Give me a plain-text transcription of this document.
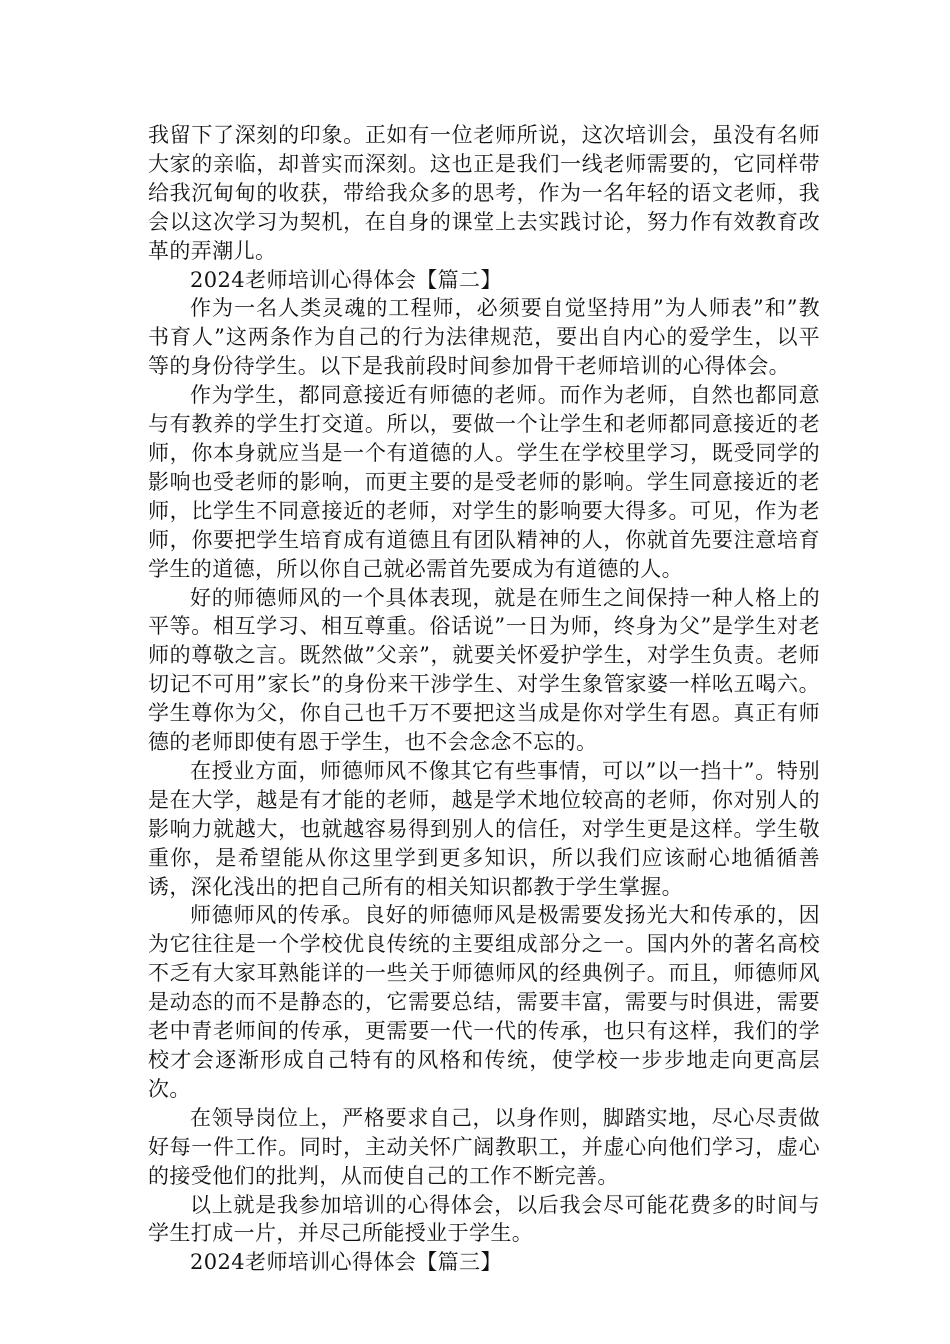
我留下了深刻的印象。正如有一位老师所说，这次培训会，虽没有名师大家的亲临，却普实而深刻。这也正是我们一线老师需要的，它同样带给我沉甸甸的收获，带给我众多的思考，作为一名年轻的语文老师，我会以这次学习为契机，在自身的课堂上去实践讨论，努力作有效教育改革的弄潮儿。

2024老师培训心得体会【篇二】

作为一名人类灵魂的工程师，必须要自觉坚持用”为人师表”和”教书育人”这两条作为自己的行为法律规范，要出自内心的爱学生，以平等的身份待学生。以下是我前段时间参加骨干老师培训的心得体会。

作为学生，都同意接近有师德的老师。而作为老师，自然也都同意与有教养的学生打交道。所以，要做一个让学生和老师都同意接近的老师，你本身就应当是一个有道德的人。学生在学校里学习，既受同学的影响也受老师的影响，而更主要的是受老师的影响。学生同意接近的老师，比学生不同意接近的老师，对学生的影响要大得多。可见，作为老师，你要把学生培育成有道德且有团队精神的人，你就首先要注意培育学生的道德，所以你自己就必需首先要成为有道德的人。

好的师德师风的一个具体表现，就是在师生之间保持一种人格上的平等。相互学习、相互尊重。俗话说”一日为师，终身为父”是学生对老师的尊敬之言。既然做”父亲”，就要关怀爱护学生，对学生负责。老师切记不可用”家长”的身份来干涉学生、对学生象管家婆一样吆五喝六。学生尊你为父，你自己也千万不要把这当成是你对学生有恩。真正有师德的老师即使有恩于学生，也不会念念不忘的。

在授业方面，师德师风不像其它有些事情，可以”以一挡十”。特别是在大学，越是有才能的老师，越是学术地位较高的老师，你对别人的影响力就越大，也就越容易得到别人的信任，对学生更是这样。学生敬重你，是希望能从你这里学到更多知识，所以我们应该耐心地循循善诱，深化浅出的把自己所有的相关知识都教于学生掌握。

师德师风的传承。良好的师德师风是极需要发扬光大和传承的，因为它往往是一个学校优良传统的主要组成部分之一。国内外的著名高校不乏有大家耳熟能详的一些关于师德师风的经典例子。而且，师德师风是动态的而不是静态的，它需要总结，需要丰富，需要与时俱进，需要老中青老师间的传承，更需要一代一代的传承，也只有这样，我们的学校才会逐渐形成自己特有的风格和传统，使学校一步步地走向更高层次。

在领导岗位上，严格要求自己，以身作则，脚踏实地，尽心尽责做好每一件工作。同时，主动关怀广阔教职工，并虚心向他们学习，虚心的接受他们的批判，从而使自己的工作不断完善。

以上就是我参加培训的心得体会，以后我会尽可能花费多的时间与学生打成一片，并尽己所能授业于学生。

2024老师培训心得体会【篇三】
